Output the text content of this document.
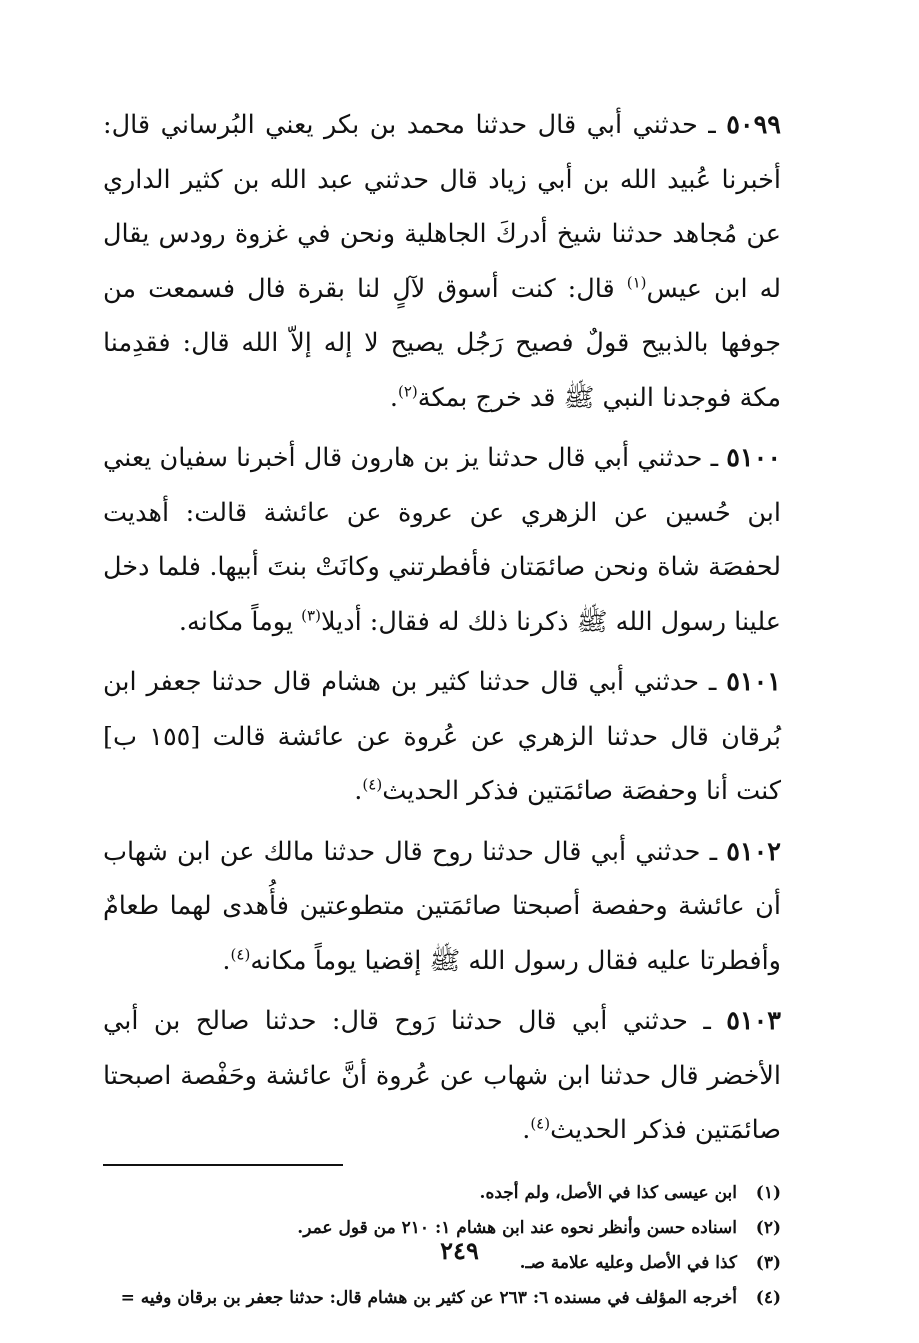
٥٠٩٩ ـ حدثني أبي قال حدثنا محمد بن بكر يعني البُرساني قال: أخبرنا عُبيد الله بن أبي زياد قال حدثني عبد الله بن كثير الداري عن مُجاهد حدثنا شيخ أدركَ الجاهلية ونحن في غزوة رودس يقال له ابن عيس$^{(١)}$ قال: كنت أسوق لآلٍ لنا بقرة فال فسمعت من جوفها بالذبيح قولٌ فصيح رَجُل يصيح لا إله إلاّ الله قال: فقدِمنا مكة فوجدنا النبي ﷺ قد خرج بمكة$^{(٢)}$.

٥١٠٠ ـ حدثني أبي قال حدثنا يز‌ بن هارون قال أخبرنا سفيان يعني ابن حُسين عن الزهري عن عروة عن عائشة قالت: أهديت لحفصَة شاة ونحن صائمَتان فأفطرتني وكانَتْ بنتَ أبيها. فلما دخل علينا رسول الله ﷺ ذكرنا ذلك له فقال: أديلا$^{(٣)}$ يوماً مكانه.

٥١٠١ ـ حدثني أبي قال حدثنا كثير بن هشام قال حدثنا جعفر ابن بُرقان قال حدثنا الزهري عن عُروة عن عائشة قالت [١٥٥ ب] كنت أنا وحفصَة صائمَتين فذكر الحديث$^{(٤)}$.

٥١٠٢ ـ حدثني أبي قال حدثنا روح قال حدثنا مالك عن ابن شهاب أن عائشة وحفصة أصبحتا صائمَتين متطوعتين فأُهدى لهما طعامٌ وأفطرتا عليه فقال رسول الله ﷺ إقضيا يوماً مكانه$^{(٤)}$.

٥١٠٣ ـ حدثني أبي قال حدثنا رَوح قال: حدثنا صالح بن أبي الأخضر قال حدثنا ابن شهاب عن عُروة أنَّ عائشة وحَفْصة اصبحتا صائمَتين فذكر الحديث$^{(٤)}$.

(١)
ابن عيسى كذا في الأصل، ولم أجده.
(٢)
اسناده حسن وأنظر نحوه عند ابن هشام ١: ٢١٠ من قول عمر.
(٣)
كذا في الأصل وعليه علامة صـ.
(٤)
أخرجه المؤلف في مسنده ٦: ٢٦٣ عن كثير بن هشام قال: حدثنا جعفر بن برقان وفيه =
٢٤٩
